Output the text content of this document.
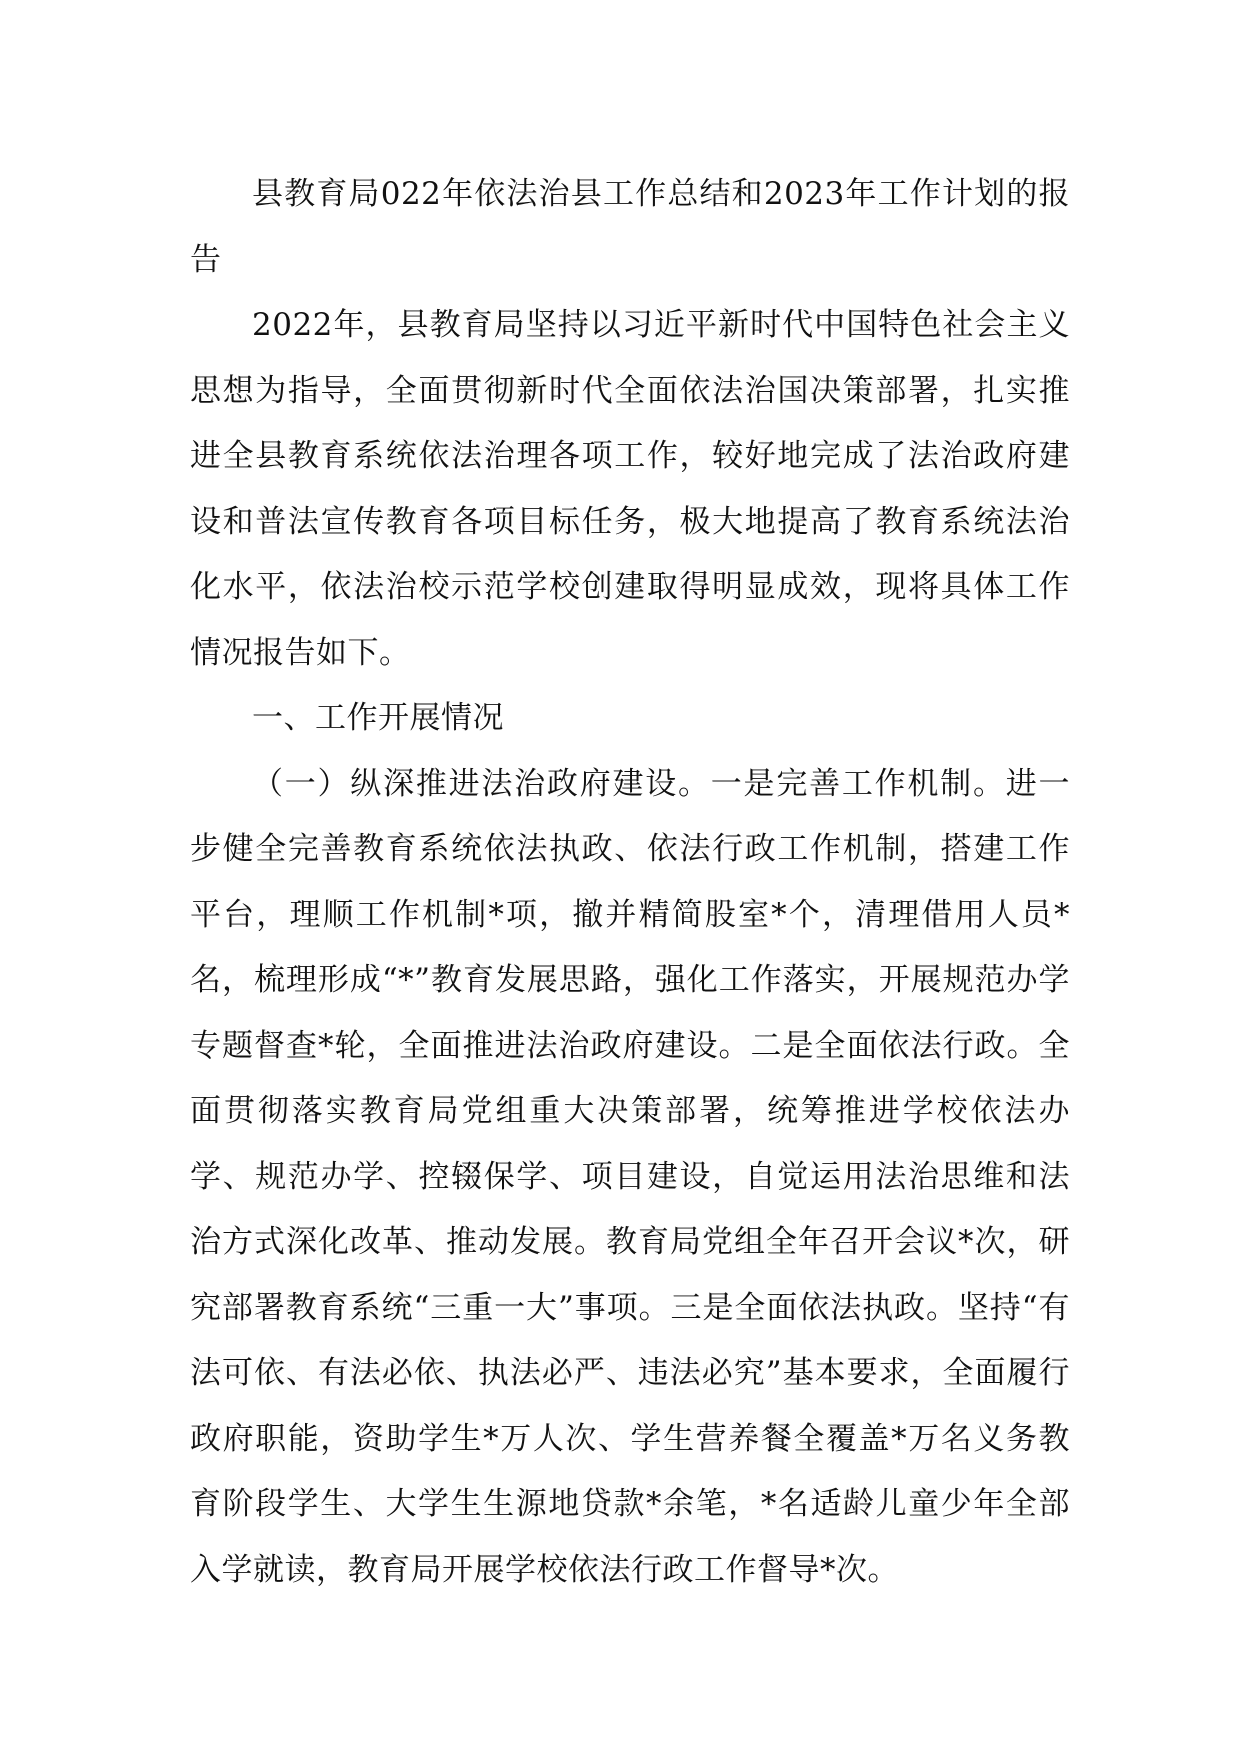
县教育局022年依法治县工作总结和2023年工作计划的报告

2022年，县教育局坚持以习近平新时代中国特色社会主义思想为指导，全面贯彻新时代全面依法治国决策部署，扎实推进全县教育系统依法治理各项工作，较好地完成了法治政府建设和普法宣传教育各项目标任务，极大地提高了教育系统法治化水平，依法治校示范学校创建取得明显成效，现将具体工作情况报告如下。

一、工作开展情况

（一）纵深推进法治政府建设。一是完善工作机制。进一步健全完善教育系统依法执政、依法行政工作机制，搭建工作平台，理顺工作机制*项，撤并精简股室*个，清理借用人员*名，梳理形成“*”教育发展思路，强化工作落实，开展规范办学专题督查*轮，全面推进法治政府建设。二是全面依法行政。全面贯彻落实教育局党组重大决策部署，统筹推进学校依法办学、规范办学、控辍保学、项目建设，自觉运用法治思维和法治方式深化改革、推动发展。教育局党组全年召开会议*次，研究部署教育系统“三重一大”事项。三是全面依法执政。坚持“有法可依、有法必依、执法必严、违法必究”基本要求，全面履行政府职能，资助学生*万人次、学生营养餐全覆盖*万名义务教育阶段学生、大学生生源地贷款*余笔，*名适龄儿童少年全部入学就读，教育局开展学校依法行政工作督导*次。
